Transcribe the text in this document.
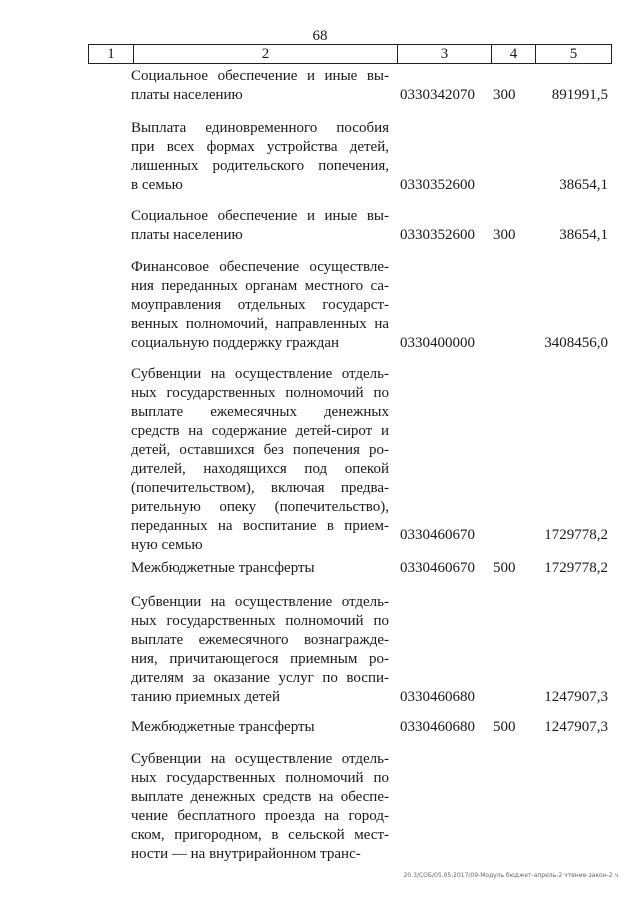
68
1	2	3	4	5
Социальное обеспечение и иные вы-
платы населению	0330342070 300 891991,5
Выплата единовременного пособия
при всех формах устройства детей,
лишенных родительского попечения,
в семью	0330352600	38654,1
Социальное обеспечение и иные вы-
платы населению	0330352600 300	38654,1
Финансовое обеспечение осуществле-
ния переданных органам местного са-
моуправления отдельных государст-
венных полномочий, направленных на
социальную поддержку граждан	0330400000	3408456,0
Субвенции на осуществление отдель-
ных государственных полномочий по
выплате ежемесячных денежных
средств на содержание детей-сирот и
детей, оставшихся без попечения ро-
дителей, находящихся под опекой
(попечительством), включая предва-
рительную опеку (попечительство),
переданных на воспитание в прием-
ную семью
0330460670	1729778,2
Межбюджетные трансферты	0330460670 500 1729778,2
Субвенции на осуществление отдель-
ных государственных полномочий по
выплате ежемесячного вознагражде-
ния, причитающегося приемным ро-
дителям за оказание услуг по воспи-
танию приемных детей	0330460680	1247907,3
Межбюджетные трансферты	0330460680 500 1247907,3
Субвенции на осуществление отдель-
ных государственных полномочий по
выплате денежных средств на обеспе-
чение бесплатного проезда на город-
ском, пригородном, в сельской мест-
ности — на внутрирайонном транс-
20 3/СОБ/05.05.2017/09-Модуль бюджет-апрель-2 чтение-закон-2 ч
